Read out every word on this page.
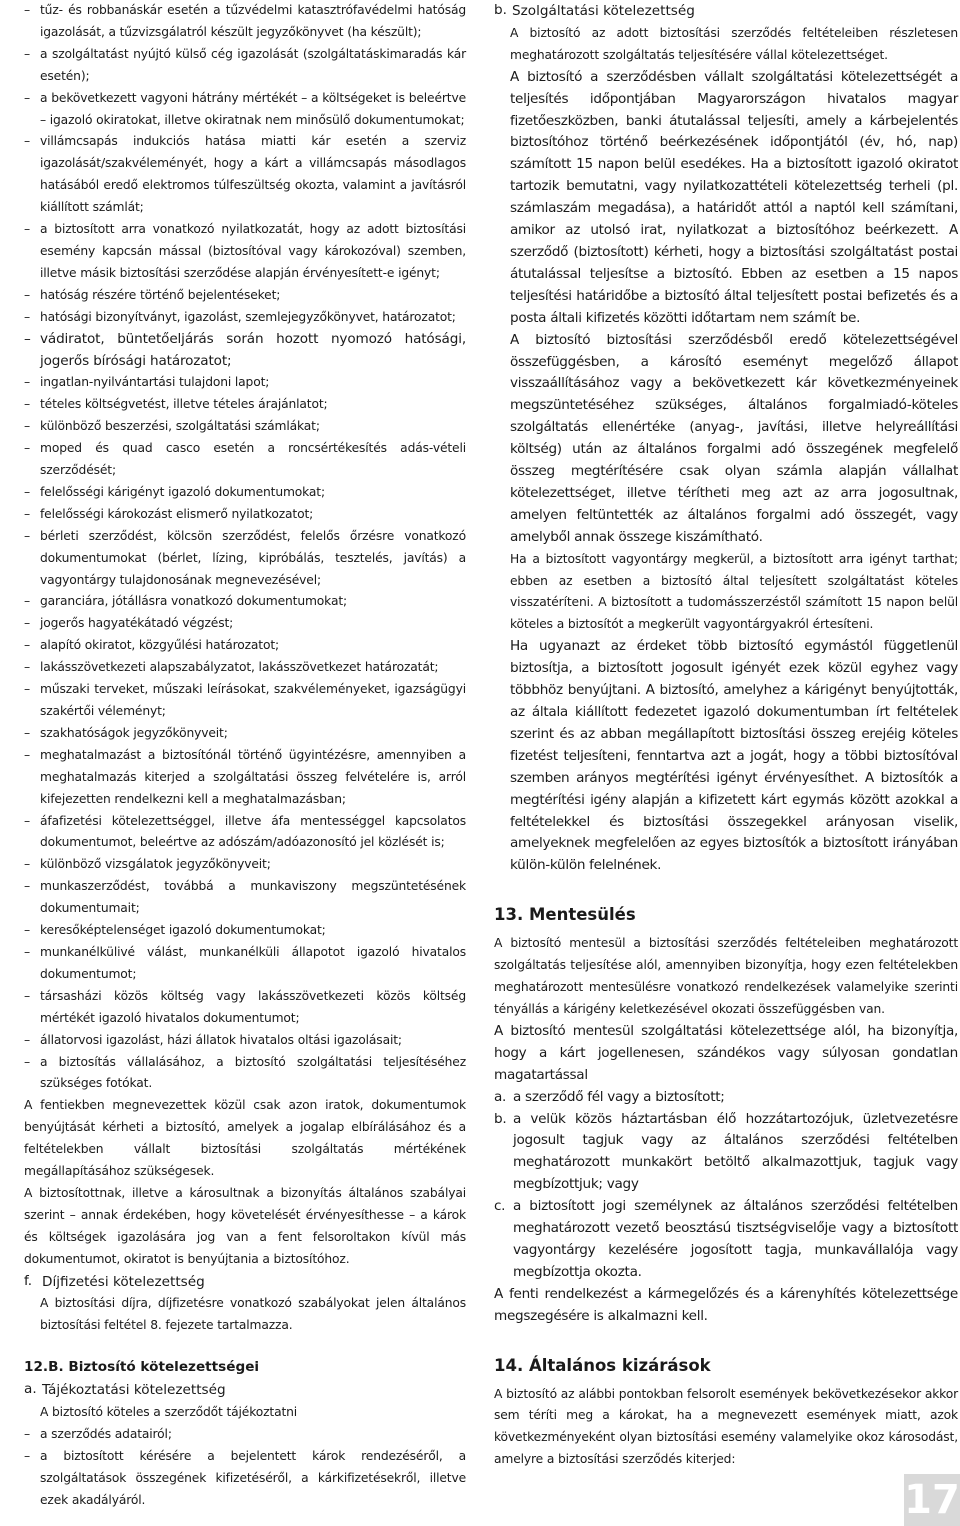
– tűz- és robbanáskár esetén a tűzvédelmi katasztrófavédelmi hatóság igazolását, a tűzvizsgálatról készült jegyzőkönyvet (ha készült);
– a szolgáltatást nyújtó külső cég igazolását (szolgáltatáskimaradás kár esetén);
– a bekövetkezett vagyoni hátrány mértékét – a költségeket is beleértve – igazoló okiratokat, illetve okiratnak nem minősülő dokumentumokat;
– villámcsapás indukciós hatása miatti kár esetén a szerviz igazolását/szakvéleményét, hogy a kárt a villámcsapás másodlagos hatásából eredő elektromos túlfeszültség okozta, valamint a javításról kiállított számlát;
– a biztosított arra vonatkozó nyilatkozatát, hogy az adott biztosítási esemény kapcsán mással (biztosítóval vagy károkozóval) szemben, illetve másik biztosítási szerződése alapján érvényesített-e igényt;
– hatóság részére történő bejelentéseket;
– hatósági bizonyítványt, igazolást, szemlejegyzőkönyvet, határozatot;
– vádiratot, büntetőeljárás során hozott nyomozó hatósági, jogerős bírósági határozatot;
– ingatlan-nyilvántartási tulajdoni lapot;
– tételes költségvetést, illetve tételes árajánlatot;
– különböző beszerzési, szolgáltatási számlákat;
– moped és quad casco esetén a roncsértékesítés adás-vételi szerződését;
– felelősségi kárigényt igazoló dokumentumokat;
– felelősségi károkozást elismerő nyilatkozatot;
– bérleti szerződést, kölcsön szerződést, felelős őrzésre vonatkozó dokumentumokat (bérlet, lízing, kipróbálás, tesztelés, javítás) a vagyontárgy tulajdonosának megnevezésével;
– garanciára, jótállásra vonatkozó dokumentumokat;
– jogerős hagyatékátadó végzést;
– alapító okiratot, közgyűlési határozatot;
– lakásszövetkezeti alapszabályzatot, lakásszövetkezet határozatát;
– műszaki terveket, műszaki leírásokat, szakvéleményeket, igazságügyi szakértői véleményt;
– szakhatóságok jegyzőkönyveit;
– meghatalmazást a biztosítónál történő ügyintézésre, amennyiben a meghatalmazás kiterjed a szolgáltatási összeg felvételére is, arról kifejezetten rendelkezni kell a meghatalmazásban;
– áfafizetési kötelezettséggel, illetve áfa mentességgel kapcsolatos dokumentumot, beleértve az adószám/adóazonosító jel közlését is;
– különböző vizsgálatok jegyzőkönyveit;
– munkaszerződést, továbbá a munkaviszony megszüntetésének dokumentumait;
– keresőképtelenséget igazoló dokumentumokat;
– munkanélkülivé válást, munkanélküli állapotot igazoló hivatalos dokumentumot;
– társasházi közös költség vagy lakásszövetkezeti közös költség mértékét igazoló hivatalos dokumentumot;
– állatorvosi igazolást, házi állatok hivatalos oltási igazolásait;
– a biztosítás vállalásához, a biztosító szolgáltatási teljesítéséhez szükséges fotókat.

A fentiekben megnevezettek közül csak azon iratok, dokumentumok benyújtását kérheti a biztosító, amelyek a jogalap elbírálásához és a feltételekben vállalt biztosítási szolgáltatás mértékének megállapításához szükségesek.

A biztosítottnak, illetve a károsultnak a bizonyítás általános szabályai szerint – annak érdekében, hogy követelését érvényesíthesse – a károk és költségek igazolására jog van a fent felsoroltakon kívül más dokumentumot, okiratot is benyújtania a biztosítóhoz.

f. Díjfizetési kötelezettség

A biztosítási díjra, díjfizetésre vonatkozó szabályokat jelen általános biztosítási feltétel 8. fejezete tartalmazza.

12.B. Biztosító kötelezettségei
a. Tájékoztatási kötelezettség

A biztosító köteles a szerződőt tájékoztatni

– a szerződés adatairól;
– a biztosított kérésére a bejelentett károk rendezéséről, a szolgáltatások összegének kifizetéséről, a kárkifizetésekről, illetve ezek akadályáról.
b. Szolgáltatási kötelezettség

A biztosító az adott biztosítási szerződés feltételeiben részletesen meghatározott szolgáltatás teljesítésére vállal kötelezettséget.

A biztosító a szerződésben vállalt szolgáltatási kötelezettségét a teljesítés időpontjában Magyarországon hivatalos magyar fizetőeszközben, banki átutalással teljesíti, amely a kárbejelentés biztosítóhoz történő beérkezésének időpontjától (év, hó, nap) számított 15 napon belül esedékes. Ha a biztosított igazoló okiratot tartozik bemutatni, vagy nyilatkozattételi kötelezettség terheli (pl. számlaszám megadása), a határidőt attól a naptól kell számítani, amikor az utolsó irat, nyilatkozat a biztosítóhoz beérkezett. A szerződő (biztosított) kérheti, hogy a biztosítási szolgáltatást postai átutalással teljesítse a biztosító. Ebben az esetben a 15 napos teljesítési határidőbe a biztosító által teljesített postai befizetés és a posta általi kifizetés közötti időtartam nem számít be.

A biztosító biztosítási szerződésből eredő kötelezettségével összefüggésben, a károsító eseményt megelőző állapot visszaállításához vagy a bekövetkezett kár következményeinek megszüntetéséhez szükséges, általános forgalmiadó-köteles szolgáltatás ellenértéke (anyag-, javítási, illetve helyreállítási költség) után az általános forgalmi adó összegének megfelelő összeg megtérítésére csak olyan számla alapján vállalhat kötelezettséget, illetve térítheti meg azt az arra jogosultnak, amelyen feltüntették az általános forgalmi adó összegét, vagy amelyből annak összege kiszámítható.

Ha a biztosított vagyontárgy megkerül, a biztosított arra igényt tarthat; ebben az esetben a biztosító által teljesített szolgáltatást köteles visszatéríteni. A biztosított a tudomásszerzéstől számított 15 napon belül köteles a biztosítót a megkerült vagyontárgyakról értesíteni.

Ha ugyanazt az érdeket több biztosító egymástól függetlenül biztosítja, a biztosított jogosult igényét ezek közül egyhez vagy többhöz benyújtani. A biztosító, amelyhez a kárigényt benyújtották, az általa kiállított fedezetet igazoló dokumentumban írt feltételek szerint és az abban megállapított biztosítási összeg erejéig köteles fizetést teljesíteni, fenntartva azt a jogát, hogy a többi biztosítóval szemben arányos megtérítési igényt érvényesíthet. A biztosítók a megtérítési igény alapján a kifizetett kárt egymás között azokkal a feltételekkel és biztosítási összegekkel arányosan viselik, amelyeknek megfelelően az egyes biztosítók a biztosított irányában külön-külön felelnének.

13. Mentesülés

A biztosító mentesül a biztosítási szerződés feltételeiben meghatározott szolgáltatás teljesítése alól, amennyiben bizonyítja, hogy ezen feltételekben meghatározott mentesülésre vonatkozó rendelkezések valamelyike szerinti tényállás a kárigény keletkezésével okozati összefüggésben van.

A biztosító mentesül szolgáltatási kötelezettsége alól, ha bizonyítja, hogy a kárt jogellenesen, szándékos vagy súlyosan gondatlan magatartással

a. a szerződő fél vagy a biztosított;
b. a velük közös háztartásban élő hozzátartozójuk, üzletvezetésre jogosult tagjuk vagy az általános szerződési feltételben meghatározott munkakört betöltő alkalmazottjuk, tagjuk vagy megbízottjuk; vagy
c. a biztosított jogi személynek az általános szerződési feltételben meghatározott vezető beosztású tisztségviselője vagy a biztosított vagyontárgy kezelésére jogosított tagja, munkavállalója vagy megbízottja okozta.

A fenti rendelkezést a kármegelőzés és a kárenyhítés kötelezettsége megszegésére is alkalmazni kell.

14. Általános kizárások

A biztosító az alábbi pontokban felsorolt események bekövetkezésekor akkor sem téríti meg a károkat, ha a megnevezett események miatt, azok következményeként olyan biztosítási esemény valamelyike okoz károsodást, amelyre a biztosítási szerződés kiterjed:

17
